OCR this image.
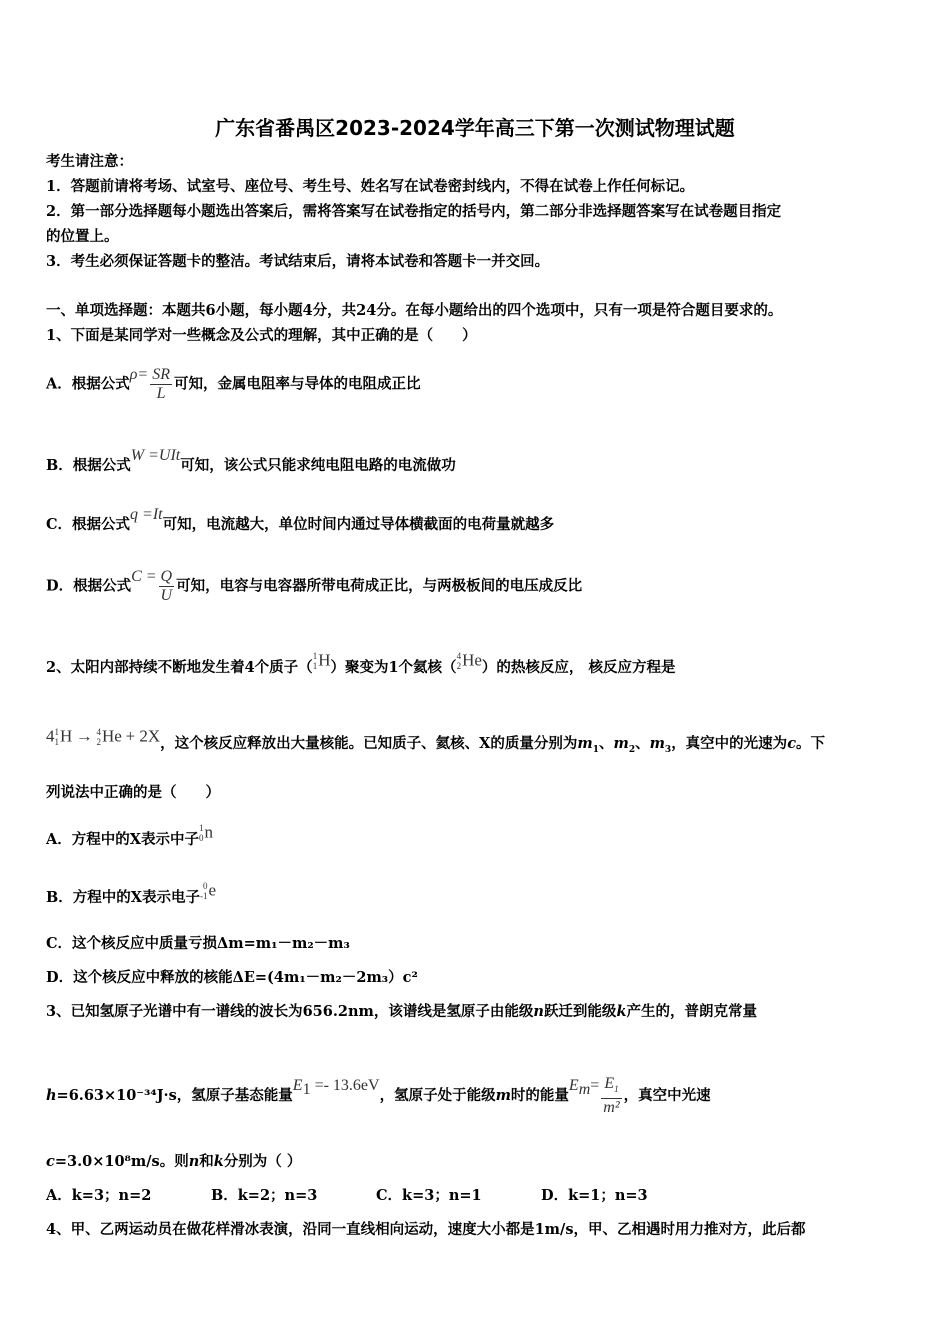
广东省番禺区2023-2024学年高三下第一次测试物理试题
考生请注意：
1．答题前请将考场、试室号、座位号、考生号、姓名写在试卷密封线内，不得在试卷上作任何标记。
2．第一部分选择题每小题选出答案后，需将答案写在试卷指定的括号内，第二部分非选择题答案写在试卷题目指定
的位置上。
3．考生必须保证答题卡的整洁。考试结束后，请将本试卷和答题卡一并交回。
一、单项选择题：本题共6小题，每小题4分，共24分。在每小题给出的四个选项中，只有一项是符合题目要求的。
1、下面是某同学对一些概念及公式的理解，其中正确的是（　　）
A．根据公式$\rho= \frac{SR}{L}$ 可知，金属电阻率与导体的电阻成正比
B．根据公式W =UIt可知，该公式只能求纯电阻电路的电流做功
C．根据公式q =It可知，电流越大，单位时间内通过导体横截面的电荷量就越多
D．根据公式$C = \frac{Q}{U}$ 可知，电容与电容器所带电荷成正比，与两极板间的电压成反比
2、太阳内部持续不断地发生着4个质子（
1
1 H）聚变为1个氦核（
4
2 He）的热核反应， 核反应方程是
4 1
1 H → 4
2 He + 2X，这个核反应释放出大量核能。已知质子、氦核、X的质量分别为$m_1$、$m_2$、$m_3$，真空中的光速为c。下
列说法中正确的是（　　）
A．方程中的X表示中子
1
0 n
B．方程中的X表示电子
0
-1 e
C．这个核反应中质量亏损Δm=m₁－m₂－m₃
D．这个核反应中释放的核能ΔE=(4m₁－m₂－2m₃）c²
3、已知氢原子光谱中有一谱线的波长为656.2nm，该谱线是氢原子由能级n跃迁到能级k产生的，普朗克常量
h=6.63×10⁻³⁴J·s，氢原子基态能量$E_1 =- 13.6eV$，氢原子处于能级m时的能量$E_m= \frac{E_1}{\text{m²}}$ ，真空中光速
c=3.0×10⁸m/s。则n和k分别为（ ）
A．k=3；n=2	B．k=2；n=3	C．k=3；n=1	D．k=1；n=3
4、甲、乙两运动员在做花样滑冰表演，沿同一直线相向运动，速度大小都是1m/s，甲、乙相遇时用力推对方，此后都
